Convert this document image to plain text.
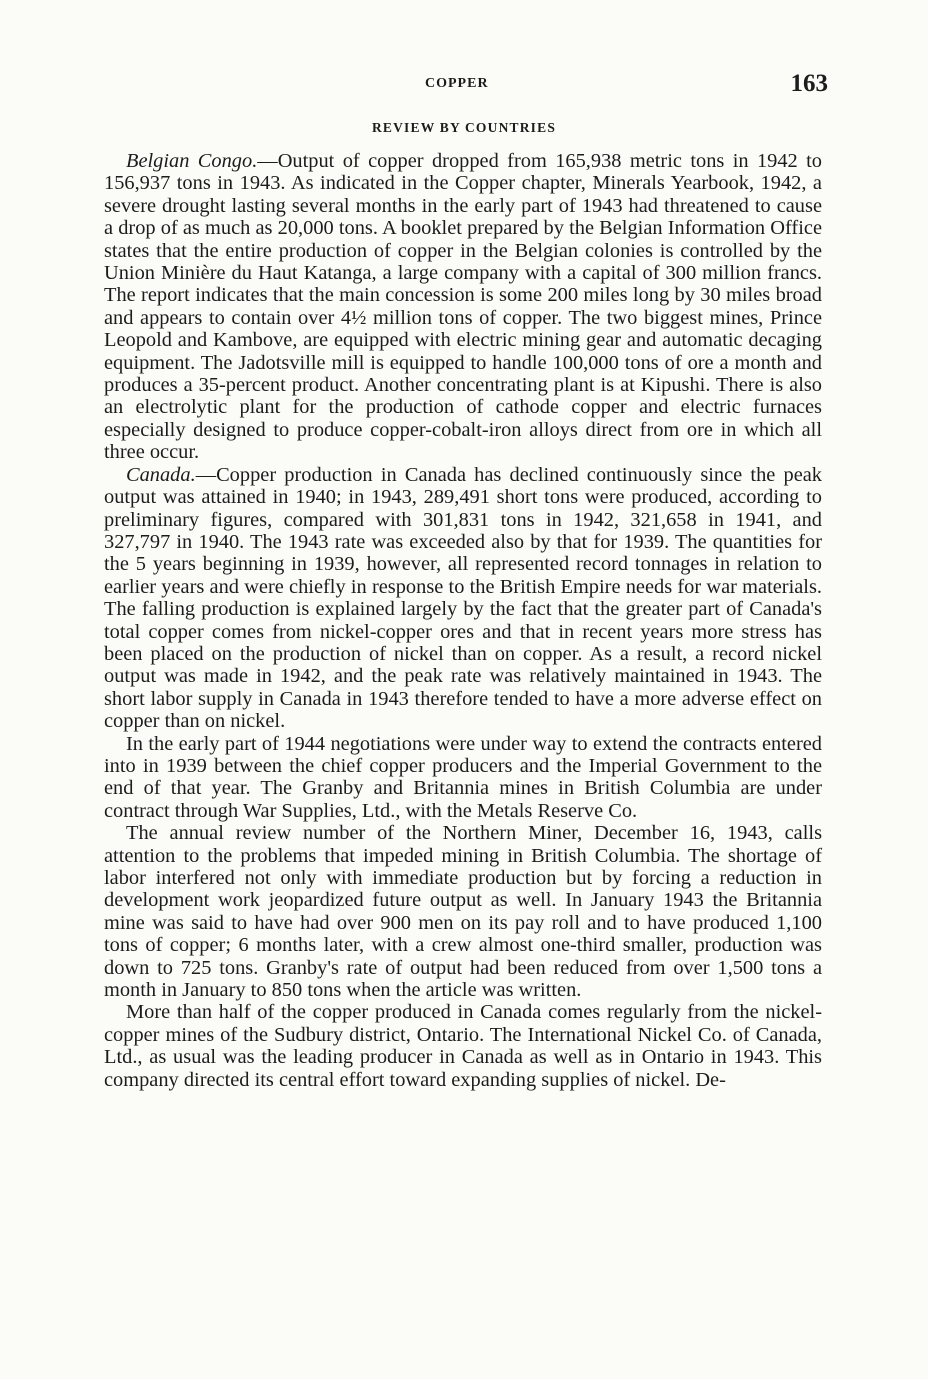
COPPER	163
REVIEW BY COUNTRIES

Belgian Congo.—Output of copper dropped from 165,938 metric tons in 1942 to 156,937 tons in 1943. As indicated in the Copper chapter, Minerals Yearbook, 1942, a severe drought lasting several months in the early part of 1943 had threatened to cause a drop of as much as 20,000 tons. A booklet prepared by the Belgian Information Office states that the entire production of copper in the Belgian colonies is controlled by the Union Minière du Haut Katanga, a large company with a capital of 300 million francs. The report indicates that the main concession is some 200 miles long by 30 miles broad and appears to contain over 4½ million tons of copper. The two biggest mines, Prince Leopold and Kambove, are equipped with electric mining gear and automatic decaging equipment. The Jadotsville mill is equipped to handle 100,000 tons of ore a month and produces a 35-percent product. Another concentrating plant is at Kipushi. There is also an electrolytic plant for the production of cathode copper and electric furnaces especially designed to produce copper-cobalt-iron alloys direct from ore in which all three occur.

Canada.—Copper production in Canada has declined continuously since the peak output was attained in 1940; in 1943, 289,491 short tons were produced, according to preliminary figures, compared with 301,831 tons in 1942, 321,658 in 1941, and 327,797 in 1940. The 1943 rate was exceeded also by that for 1939. The quantities for the 5 years beginning in 1939, however, all represented record tonnages in relation to earlier years and were chiefly in response to the British Empire needs for war materials. The falling production is explained largely by the fact that the greater part of Canada's total copper comes from nickel-copper ores and that in recent years more stress has been placed on the production of nickel than on copper. As a result, a record nickel output was made in 1942, and the peak rate was relatively maintained in 1943. The short labor supply in Canada in 1943 therefore tended to have a more adverse effect on copper than on nickel.

In the early part of 1944 negotiations were under way to extend the contracts entered into in 1939 between the chief copper producers and the Imperial Government to the end of that year. The Granby and Britannia mines in British Columbia are under contract through War Supplies, Ltd., with the Metals Reserve Co.

The annual review number of the Northern Miner, December 16, 1943, calls attention to the problems that impeded mining in British Columbia. The shortage of labor interfered not only with immediate production but by forcing a reduction in development work jeopardized future output as well. In January 1943 the Britannia mine was said to have had over 900 men on its pay roll and to have produced 1,100 tons of copper; 6 months later, with a crew almost one-third smaller, production was down to 725 tons. Granby's rate of output had been reduced from over 1,500 tons a month in January to 850 tons when the article was written.

More than half of the copper produced in Canada comes regularly from the nickel-copper mines of the Sudbury district, Ontario. The International Nickel Co. of Canada, Ltd., as usual was the leading producer in Canada as well as in Ontario in 1943. This company directed its central effort toward expanding supplies of nickel. De-
